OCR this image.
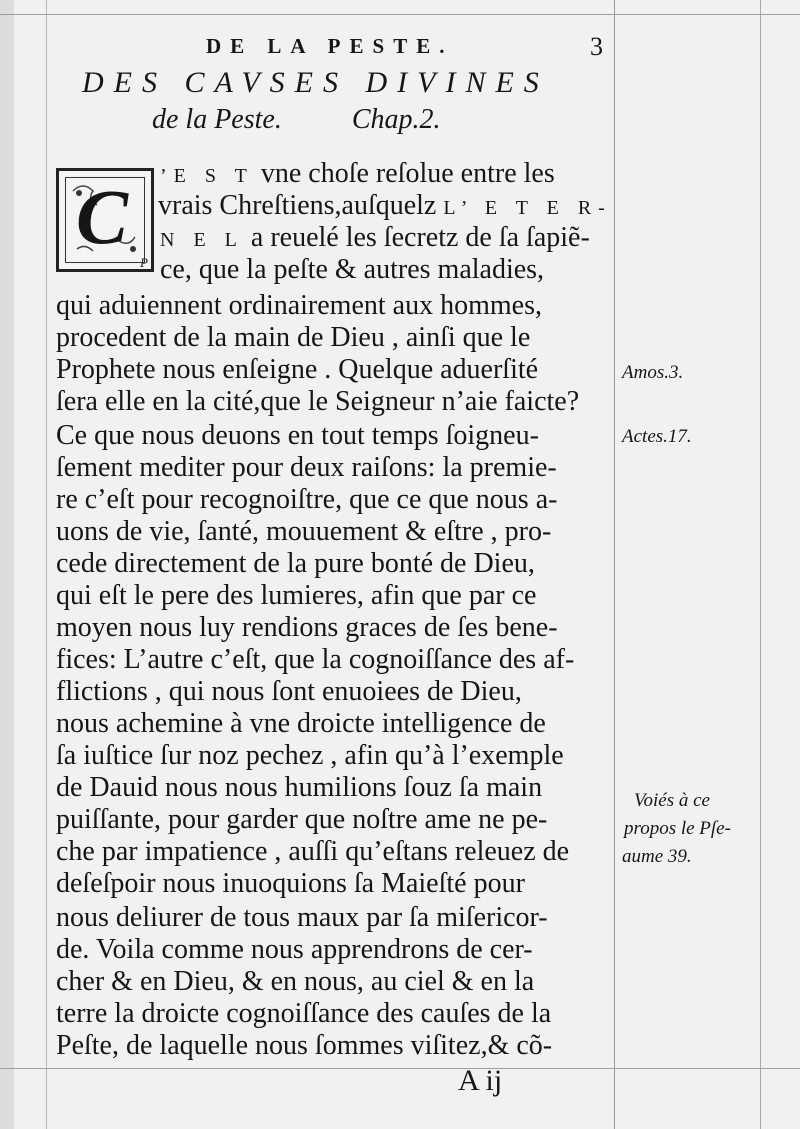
DE LA PESTE.	3
DES CAVSES DIVINES
de la Peste.          Chap.2.
C
P
’E S T vne choſe reſolue entre les
vrais Chreſtiens,auſquelz L’ E T E R-
N E L a reuelé les ſecretz de ſa ſapiẽ-
ce, que la peſte & autres maladies,
qui aduiennent ordinairement aux hommes,
procedent de la main de Dieu , ainſi que le
Prophete nous enſeigne . Quelque aduerſité
ſera elle en la cité,que le Seigneur n’aie faicte?
Ce que nous deuons en tout temps ſoigneu-
ſement mediter pour deux raiſons: la premie-
re c’eſt pour recognoiſtre, que ce que nous a-
uons de vie, ſanté, mouuement & eſtre , pro-
cede directement de la pure bonté de Dieu,
qui eſt le pere des lumieres, afin que par ce
moyen nous luy rendions graces de ſes bene-
fices: L’autre c’eſt, que la cognoiſſance des af-
flictions , qui nous ſont enuoiees de Dieu,
nous achemine à vne droicte intelligence de
ſa iuſtice ſur noz pechez , afin qu’à l’exemple
de Dauid nous nous humilions ſouz ſa main
puiſſante, pour garder que noſtre ame ne pe-
che par impatience , auſſi qu’eſtans releuez de
deſeſpoir nous inuoquions ſa Maieſté pour
nous deliurer de tous maux par ſa miſericor-
de. Voila comme nous apprendrons de cer-
cher & en Dieu, & en nous, au ciel & en la
terre la droicte cognoiſſance des cauſes de la
Peſte, de laquelle nous ſommes viſitez,& cõ-
Amos.3.
Actes.17.
Voiés à ce
propos le Pſe-
aume 39.
A ij
